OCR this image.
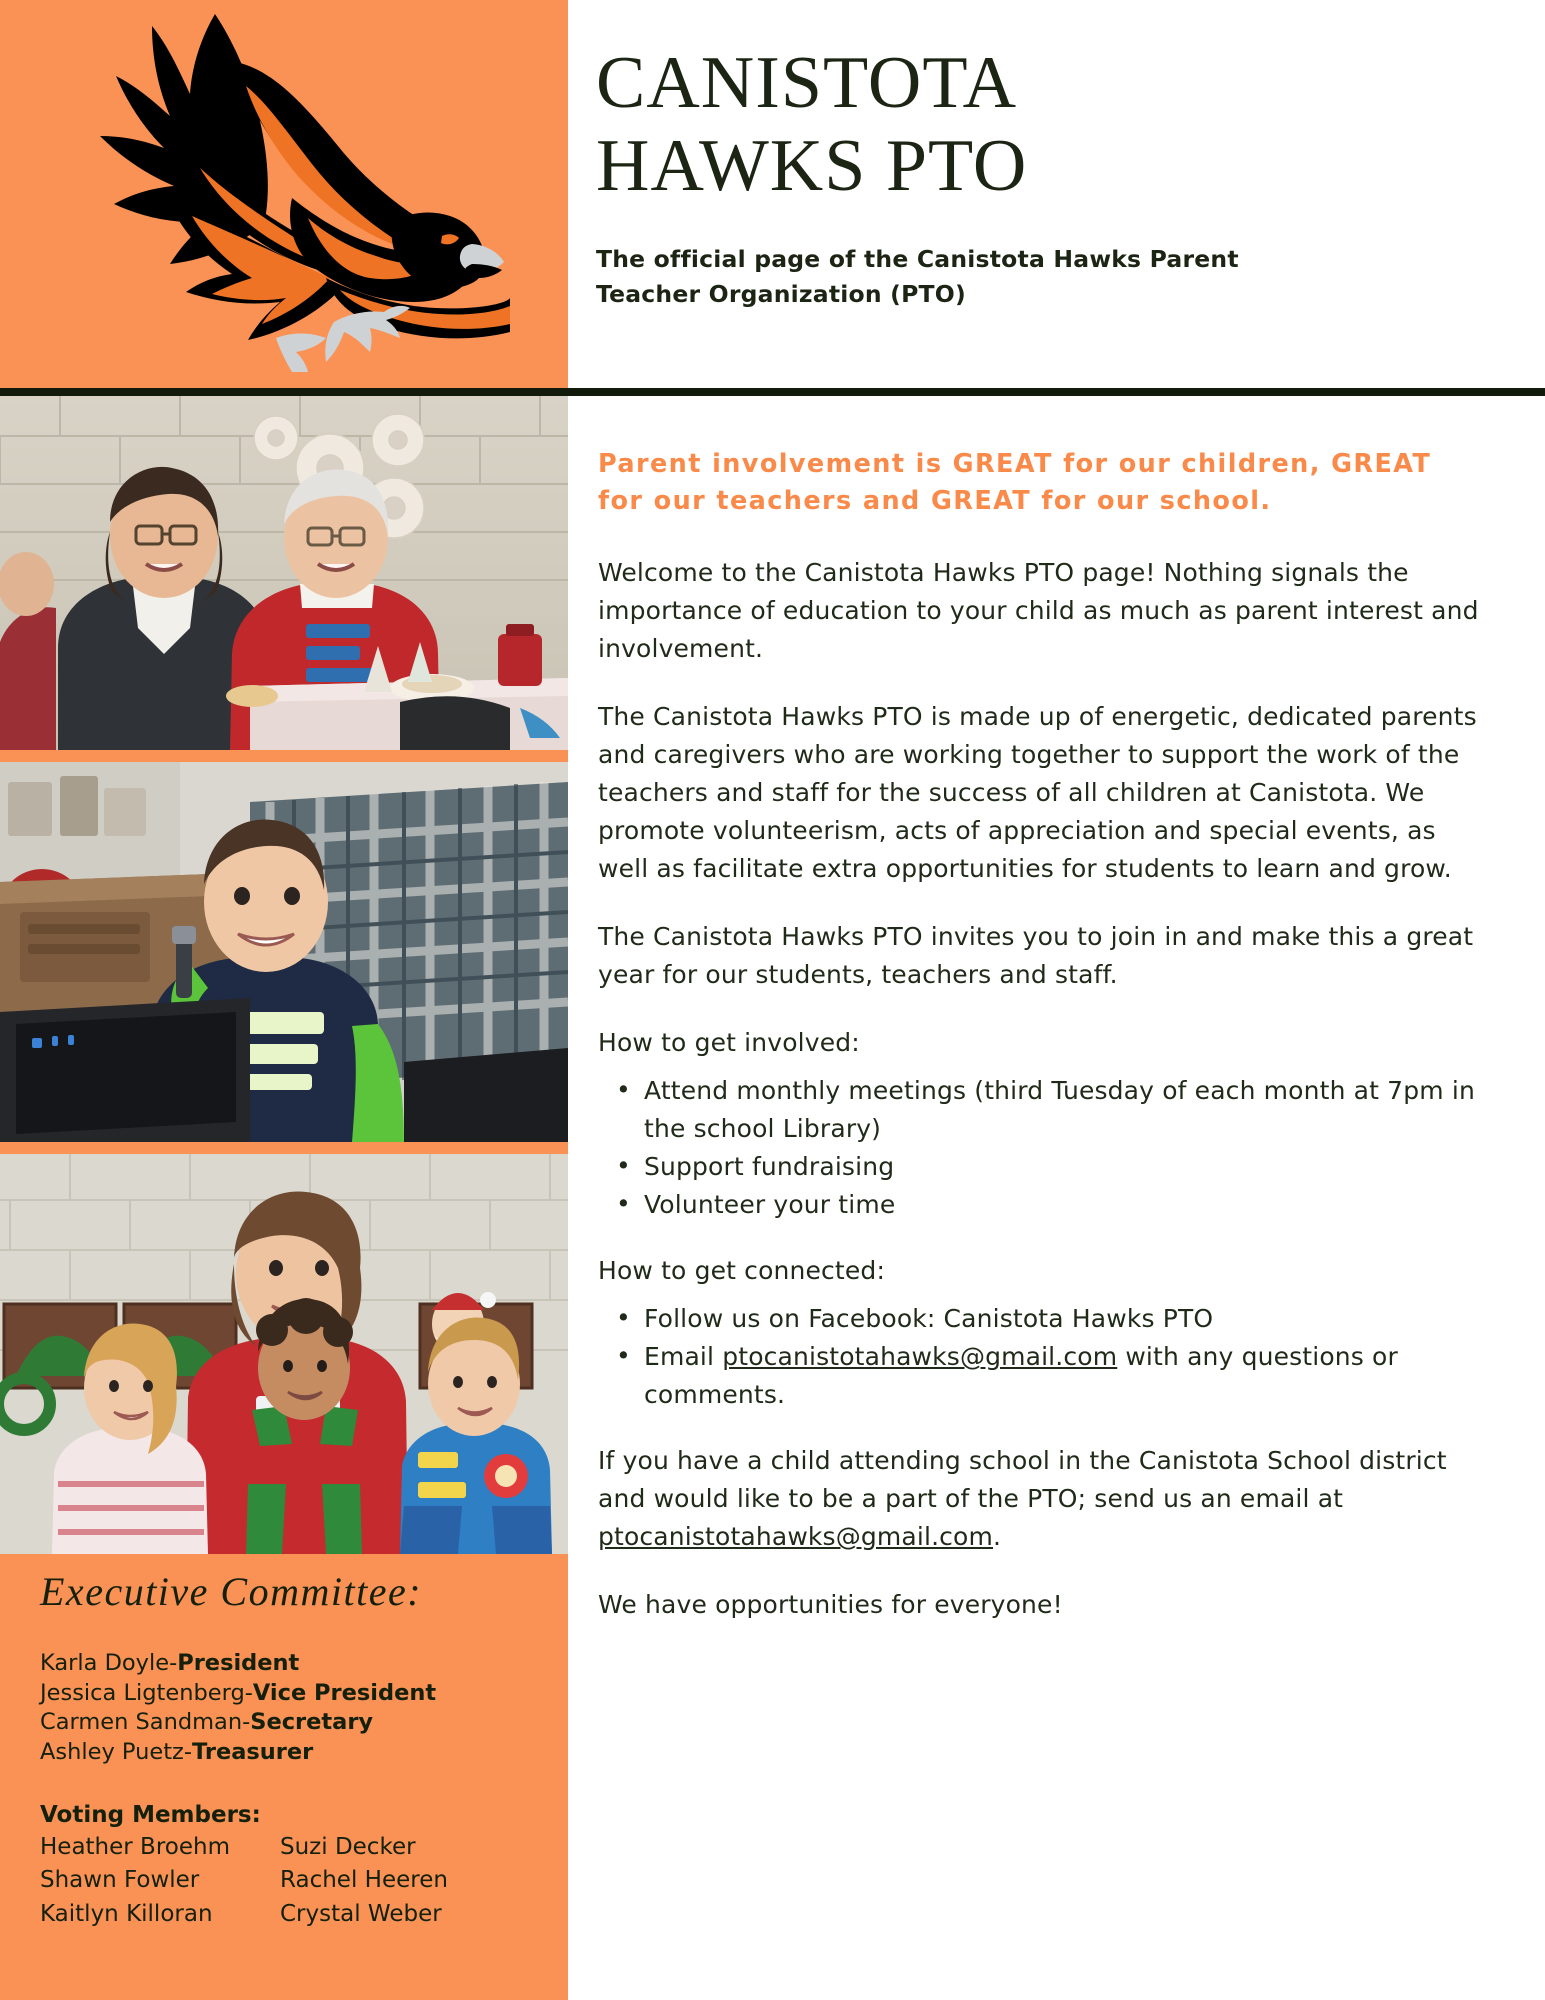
CANISTOTA
HAWKS PTO
The official page of the Canistota Hawks Parent
Teacher Organization (PTO)
Executive Committee:
Karla Doyle-President
Jessica Ligtenberg-Vice President
Carmen Sandman-Secretary
Ashley Puetz-Treasurer
Voting Members:
Heather Broehm	Suzi Decker
Shawn Fowler	Rachel Heeren
Kaitlyn Killoran	Crystal Weber
Parent involvement is GREAT for our children, GREAT
for our teachers and GREAT for our school.

Welcome to the Canistota Hawks PTO page! Nothing signals the importance of education to your child as much as parent interest and involvement.

The Canistota Hawks PTO is made up of energetic, dedicated parents and caregivers who are working together to support the work of the teachers and staff for the success of all children at Canistota. We promote volunteerism, acts of appreciation and special events, as well as facilitate extra opportunities for students to learn and grow.

The Canistota Hawks PTO invites you to join in and make this a great year for our students, teachers and staff.

How to get involved:

• Attend monthly meetings (third Tuesday of each month at 7pm in the school Library)
• Support fundraising
• Volunteer your time

How to get connected:

• Follow us on Facebook: Canistota Hawks PTO
• Email ptocanistotahawks@gmail.com with any questions or comments.

If you have a child attending school in the Canistota School district and would like to be a part of the PTO; send us an email at ptocanistotahawks@gmail.com.

We have opportunities for everyone!
